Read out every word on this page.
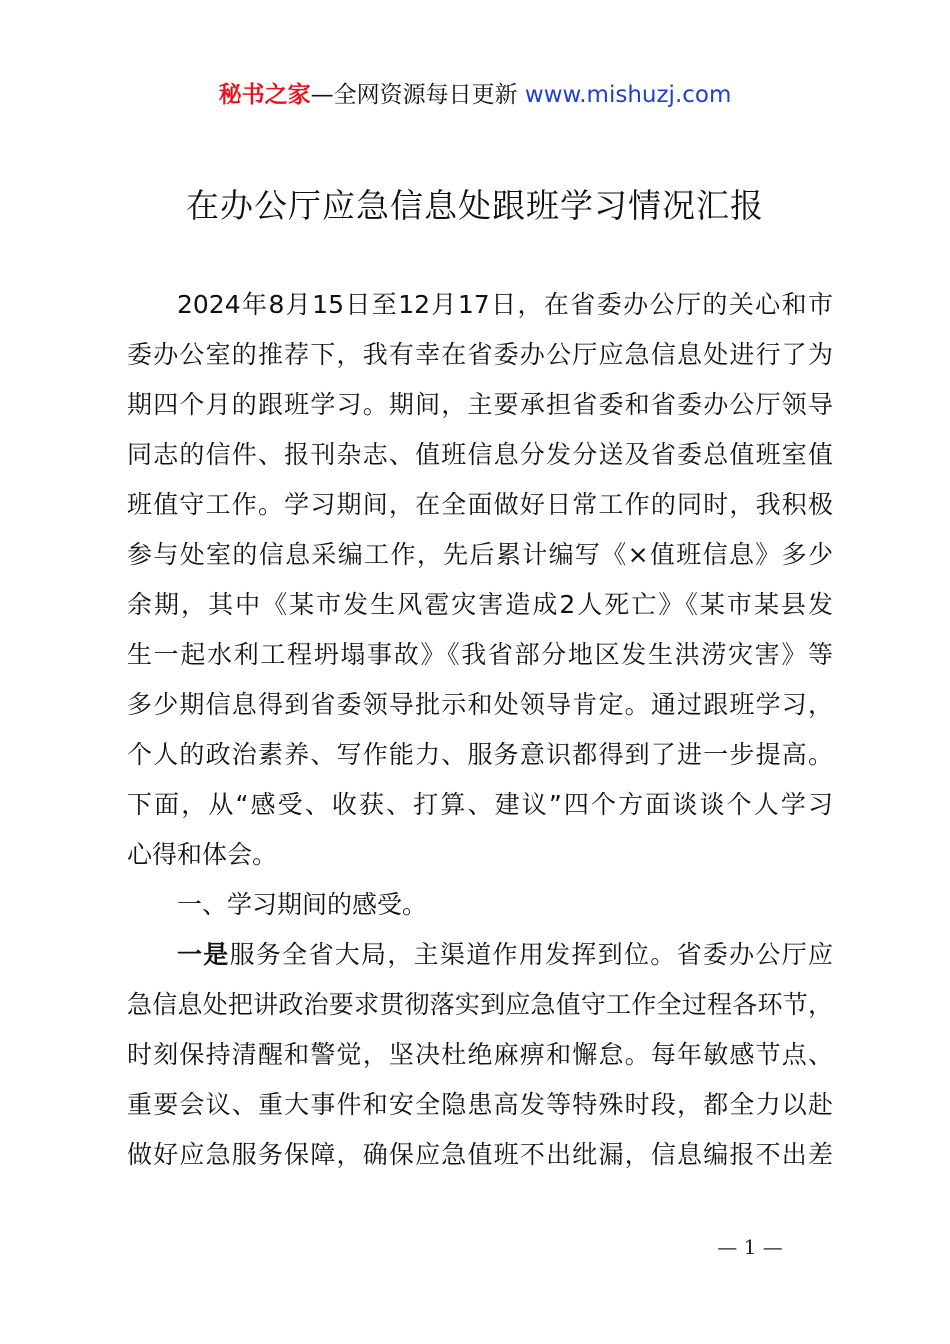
秘书之家—全网资源每日更新 www.mishuzj.com
在办公厅应急信息处跟班学习情况汇报
2024年8月15日至12月17日，在省委办公厅的关心和市
委办公室的推荐下，我有幸在省委办公厅应急信息处进行了为
期四个月的跟班学习。期间，主要承担省委和省委办公厅领导
同志的信件、报刊杂志、值班信息分发分送及省委总值班室值
班值守工作。学习期间，在全面做好日常工作的同时，我积极
参与处室的信息采编工作，先后累计编写《×值班信息》多少
余期，其中《某市发生风雹灾害造成2人死亡》《某市某县发
生一起水利工程坍塌事故》《我省部分地区发生洪涝灾害》等
多少期信息得到省委领导批示和处领导肯定。通过跟班学习，
个人的政治素养、写作能力、服务意识都得到了进一步提高。
下面，从“感受、收获、打算、建议”四个方面谈谈个人学习
心得和体会。
一、学习期间的感受。
一是服务全省大局，主渠道作用发挥到位。省委办公厅应
急信息处把讲政治要求贯彻落实到应急值守工作全过程各环节，
时刻保持清醒和警觉，坚决杜绝麻痹和懈怠。每年敏感节点、
重要会议、重大事件和安全隐患高发等特殊时段，都全力以赴
做好应急服务保障，确保应急值班不出纰漏，信息编报不出差
— 1 —
